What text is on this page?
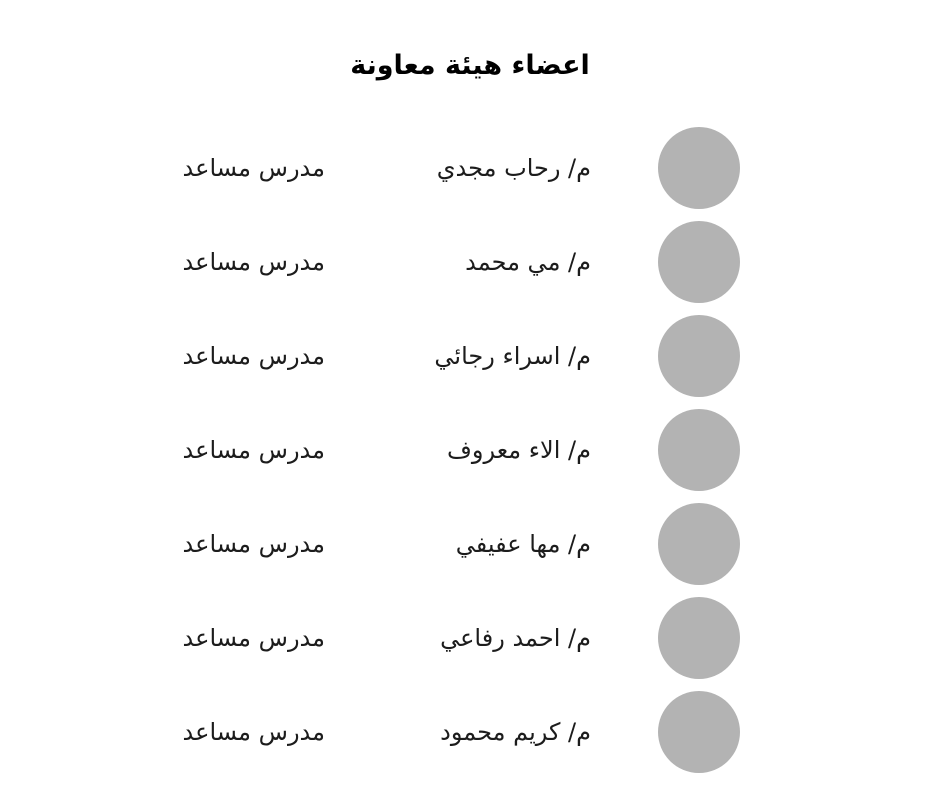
اعضاء هيئة معاونة
م/ رحاب مجدي
مدرس مساعد
م/ مي محمد
مدرس مساعد
م/ اسراء رجائي
مدرس مساعد
م/ الاء معروف
مدرس مساعد
م/ مها عفيفي
مدرس مساعد
م/ احمد رفاعي
مدرس مساعد
م/ كريم محمود
مدرس مساعد
